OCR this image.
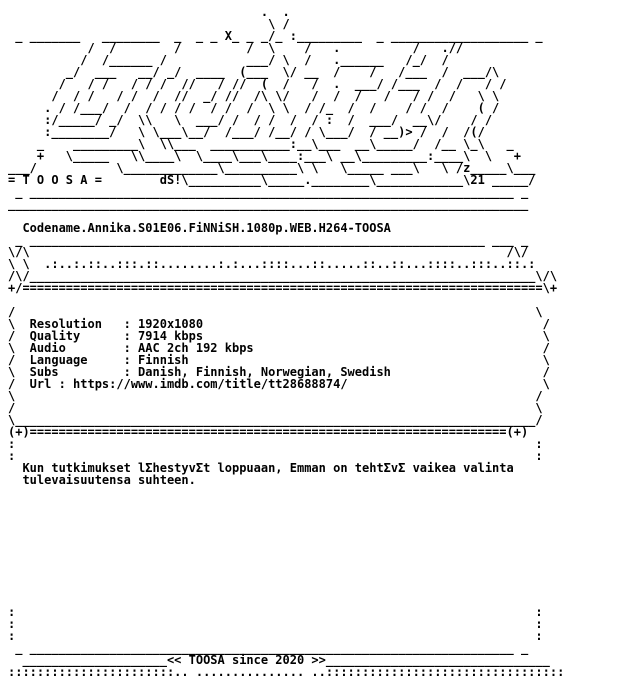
.  .
\ /
_ _______   ________  _  _ _ X_ _ _/_ :_________  _ ___________________ _
/  /        /         /  \    /   .          /   .//
/  /______ /           ___/ \  /   .______   /_/  /
_/  ___   __/ _/  ____  (___  \/ __  /    /   /___  /  ___/\
/   / /   / / /  //   / //  (  /   /  .  ___/ /___  /  /   / /
/  / /   / /  /  //  _/ //  /\ \/   /  /  /   /   / /  /   \ \
. / /___/  /  / / / /  / /  /  \ \  / /_  /  /    / /  /    ( /
:/_____/ _/  \\   \  ___/ /  / /  /  / :  /  ___/  __\/    / /
:________/   \ \___\__/  /___/ /__/ / \___/  / __)> /  /  /(/
_    _________\  \\___  ___________:__\___  __\_____/  /__ \_\   _
+   \_____   \\____\  \____\___\____:___\ __\_________:____\  \   +
___/           \_____________\__________\ \   \_____ ___\   \ /z_____\___
= T O O S A =        dS!\__________\_____.________\____________\21 _____/
_ ___________________________________________________________________ _
________________________________________________________________________

Codename.Annika.S01E06.FiNNiSH.1080p.WEB.H264-TOOSA
_ _______________________________________________________________ ___ _
\/\                                                                  /\/
\ \  .:..:.::..:::.::........:.:...::::...::.....::..::...::::..:::..::.:
/\/______________________________________________________________________\/\
+/========================================================================\+

/                                                                        \
\  Resolution   : 1920x1080                                               /
/  Quality      : 7914 kbps                                               \
\  Audio        : AAC 2ch 192 kbps                                        /
/  Language     : Finnish                                                 \
\  Subs         : Danish, Finnish, Norwegian, Swedish                     /
/  Url : https://www.imdb.com/title/tt28688874/                           \
\                                                                        /
/                                                                        \
\________________________________________________________________________/
(+)==================================================================(+)
:                                                                        :
:                                                                        :
Kun tutkimukset lΣhestyvΣt loppuaan, Emman on tehtΣvΣ vaikea valinta
tulevaisuutensa suhteen.

:                                                                        :
:                                                                        :
:                                                                        :
_ ___________________________________________________________________ _
____________________<< TOOSA since 2020 >>_______________________________
:::::::::::::::::::::::.. ............... ..:::::::::::::::::::::::::::::::::
